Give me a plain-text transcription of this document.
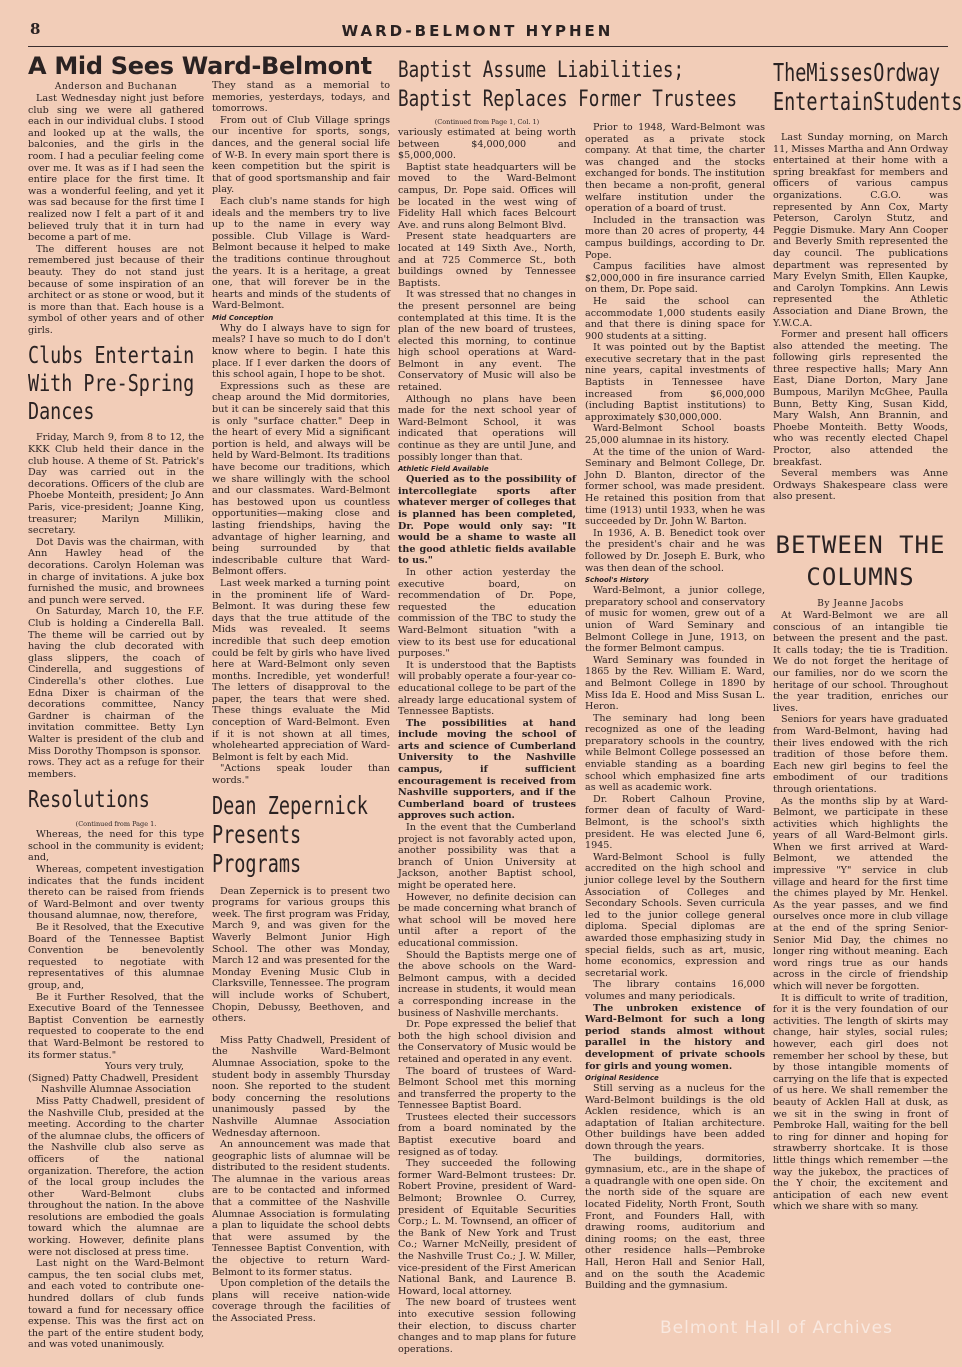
8	WARD-BELMONT HYPHEN
A Mid Sees Ward-Belmont	Baptist Assume Liabilities; Baptist Replaces Former Trustees
Anderson and Buchanan

Last Wednesday night just before club sing we were all gathered each in our individual clubs. I stood and looked up at the walls, the balconies, and the girls in the room. I had a peculiar feeling come over me. It was as if I had seen the entire place for the first time. It was a wonderful feeling, and yet it was sad because for the first time I realized now I felt a part of it and believed truly that it in turn had become a part of me.

The different houses are not remembered just because of their beauty. They do not stand just because of some inspiration of an architect or as stone or wood, but it is more than that. Each house is a symbol of other years and of other girls.

Clubs Entertain With Pre-Spring Dances

Friday, March 9, from 8 to 12, the KKK Club held their dance in the club house. A theme of St. Patrick's Day was carried out in the decorations. Officers of the club are Phoebe Monteith, president; Jo Ann Paris, vice-president; Joanne King, treasurer; Marilyn Millikin, secretary.

Dot Davis was the chairman, with Ann Hawley head of the decorations. Carolyn Holeman was in charge of invitations. A juke box furnished the music, and brownees and punch were served.

On Saturday, March 10, the F.F. Club is holding a Cinderella Ball. The theme will be carried out by having the club decorated with glass slippers, the coach of Cinderella, and suggestions of Cinderella's other clothes. Lue Edna Dixer is chairman of the decorations committee, Nancy Gardner is chairman of the invitation committee. Betty Lyn Walter is president of the club and Miss Dorothy Thompson is sponsor.

rows. They act as a refuge for their members.

Resolutions
(Continued from Page 1.

Whereas, the need for this type school in the community is evident; and,

Whereas, competent investigation indicates that the funds incident thereto can be raised from friends of Ward-Belmont and over twenty thousand alumnae, now, therefore,

Be it Resolved, that the Executive Board of the Tennessee Baptist Convention be benevolently requested to negotiate with representatives of this alumnae group, and,

Be it Further Resolved, that the Executive Board of the Tennessee Baptist Convention be earnestly requested to cooperate to the end that Ward-Belmont be restored to its former status."

Yours very truly,

(Signed) Patty Chadwell, President

Nashville Alumnae Association

Miss Patty Chadwell, president of the Nashville Club, presided at the meeting. According to the charter of the alumnae clubs, the officers of the Nashville club also serve as officers of the national organization. Therefore, the action of the local group includes the other Ward-Belmont clubs throughout the nation. In the above resolutions are embodied the goals toward which the alumnae are working. However, definite plans were not disclosed at press time.

Last night on the Ward-Belmont campus, the ten social clubs met, and each voted to contribute one-hundred dollars of club funds toward a fund for necessary office expense. This was the first act on the part of the entire student body, and was voted unanimously.

They stand as a memorial to memories, yesterdays, todays, and tomorrows.

From out of Club Village springs our incentive for sports, songs, dances, and the general social life of W-B. In every main sport there is keen competition but the spirit is that of good sportsmanship and fair play.

Each club's name stands for high ideals and the members try to live up to the name in every way possible. Club Village is Ward-Belmont because it helped to make the traditions continue throughout the years. It is a heritage, a great one, that will forever be in the hearts and minds of the students of Ward-Belmont.

Mid Conception

Why do I always have to sign for meals? I have so much to do I don't know where to begin. I hate this place. If I ever darken the doors of this school again, I hope to be shot.

Expressions such as these are cheap around the Mid dormitories, but it can be sincerely said that this is only "surface chatter." Deep in the heart of every Mid a significant portion is held, and always will be held by Ward-Belmont. Its traditions have become our traditions, which we share willingly with the school and our classmates. Ward-Belmont has bestowed upon us countless opportunities—making close and lasting friendships, having the advantage of higher learning, and being surrounded by that indescribable culture that Ward-Belmont offers.

Last week marked a turning point in the prominent life of Ward-Belmont. It was during these few days that the true attitude of the Mids was revealed. It seems incredible that such deep emotion could be felt by girls who have lived here at Ward-Belmont only seven months. Incredible, yet wonderful! The letters of disapproval to the paper, the tears that were shed. These things evaluate the Mid conception of Ward-Belmont. Even if it is not shown at all times, wholehearted appreciation of Ward-Belmont is felt by each Mid.

"Actions speak louder than words."

Dean Zepernick Presents Programs

Dean Zepernick is to present two programs for various groups this week. The first program was Friday, March 9, and was given for the Waverly Belmont Junior High School. The other was Monday, March 12 and was presented for the Monday Evening Music Club in Clarksville, Tennessee. The program will include works of Schubert, Chopin, Debussy, Beethoven, and others.

Miss Patty Chadwell, President of the Nashville Ward-Belmont Alumnae Association, spoke to the student body in assembly Thursday noon. She reported to the student body concerning the resolutions unanimously passed by the Nashville Alumnae Association Wednesday afternoon.

An announcement was made that geographic lists of alumnae will be distributed to the resident students. The alumnae in the various areas are to be contacted and informed that a committee of the Nashville Alumnae Association is formulating a plan to liquidate the school debts that were assumed by the Tennessee Baptist Convention, with the objective to return Ward-Belmont to its former status.

Upon completion of the details the plans will receive nation-wide coverage through the facilities of the Associated Press.

(Continued from Page 1, Col. 1)

variously estimated at being worth between $4,000,000 and $5,000,000.

Baptist state headquarters will be moved to the Ward-Belmont campus, Dr. Pope said. Offices will be located in the west wing of Fidelity Hall which faces Belcourt Ave. and runs along Belmont Blvd.

Present state headquarters are located at 149 Sixth Ave., North, and at 725 Commerce St., both buildings owned by Tennessee Baptists.

It was stressed that no changes in the present personnel are being contemplated at this time. It is the plan of the new board of trustees, elected this morning, to continue high school operations at Ward-Belmont in any event. The Conservatory of Music will also be retained.

Although no plans have been made for the next school year of Ward-Belmont School, it was indicated that operations will continue as they are until June, and possibly longer than that.

Athletic Field Available

Queried as to the possibility of intercollegiate sports after whatever merger of colleges that is planned has been completed, Dr. Pope would only say: "It would be a shame to waste all the good athletic fields available to us."

In other action yesterday the executive board, on recommendation of Dr. Pope, requested the education commission of the TBC to study the Ward-Belmont situation "with a view to its best use for educational purposes."

It is understood that the Baptists will probably operate a four-year co-educational college to be part of the already large educational system of Tennessee Baptists.

The possibilities at hand include moving the school of arts and science of Cumberland University to the Nashville campus, if sufficient encouragement is received from Nashville supporters, and if the Cumberland board of trustees approves such action.

In the event that the Cumberland project is not favorably acted upon, another possibility was that a branch of Union University at Jackson, another Baptist school, might be operated here.

However, no definite decision can be made concerning what branch of what school will be moved here until after a report of the educational commission.

Should the Baptists merge one of the above schools on the Ward-Belmont campus, with a decided increase in students, it would mean a corresponding increase in the business of Nashville merchants.

Dr. Pope expressed the belief that both the high school division and the Conservatory of Music would be retained and operated in any event.

The board of trustees of Ward-Belmont School met this morning and transferred the property to the Tennessee Baptist Board.

Trustees elected their successors from a board nominated by the Baptist executive board and resigned as of today.

They succeeded the following former Ward-Belmont trustees: Dr. Robert Provine, president of Ward-Belmont; Brownlee O. Currey, president of Equitable Securities Corp.; L. M. Townsend, an officer of the Bank of New York and Trust Co.; Warner McNeilly, president of the Nashville Trust Co.; J. W. Miller, vice-president of the First American National Bank, and Laurence B. Howard, local attorney.

The new board of trustees went into executive session following their election, to discuss charter changes and to map plans for future operations.

Prior to 1948, Ward-Belmont was operated as a private stock company. At that time, the charter was changed and the stocks exchanged for bonds. The institution then became a non-profit, general welfare institution under the operation of a board of trust.

Included in the transaction was more than 20 acres of property, 44 campus buildings, according to Dr. Pope.

Campus facilities have almost $2,000,000 in fire insurance carried on them, Dr. Pope said.

He said the school can accommodate 1,000 students easily and that there is dining space for 900 students at a sitting.

It was pointed out by the Baptist executive secretary that in the past nine years, capital investments of Baptists in Tennessee have increased from $6,000,000 (including Baptist institutions) to approximately $30,000,000.

Ward-Belmont School boasts 25,000 alumnae in its history.

At the time of the union of Ward-Seminary and Belmont College, Dr. John D. Blanton, director of the former school, was made president. He retained this position from that time (1913) until 1933, when he was succeeded by Dr. John W. Barton.

In 1936, A. B. Benedict took over the president's chair and he was followed by Dr. Joseph E. Burk, who was then dean of the school.

School's History

Ward-Belmont, a junior college, preparatory school and conservatory of music for women, grew out of a union of Ward Seminary and Belmont College in June, 1913, on the former Belmont campus.

Ward Seminary was founded in 1865 by the Rev. William E. Ward, and Belmont College in 1890 by Miss Ida E. Hood and Miss Susan L. Heron.

The seminary had long been recognized as one of the leading preparatory schools in the country, while Belmont College possessed an enviable standing as a boarding school which emphasized fine arts as well as academic work.

Dr. Robert Calhoun Provine, former dean of faculty of Ward-Belmont, is the school's sixth president. He was elected June 6, 1945.

Ward-Belmont School is fully accredited on the high school and junior college level by the Southern Association of Colleges and Secondary Schools. Seven curricula led to the junior college general diploma. Special diplomas are awarded those emphasizing study in special fields, such as art, music, home economics, expression and secretarial work.

The library contains 16,000 volumes and many periodicals.

The unbroken existence of Ward-Belmont for such a long period stands almost without parallel in the history and development of private schools for girls and young women.

Original Residence

Still serving as a nucleus for the Ward-Belmont buildings is the old Acklen residence, which is an adaptation of Italian architecture. Other buildings have been added down through the years.

The buildings, dormitories, gymnasium, etc., are in the shape of a quadrangle with one open side. On the north side of the square are located Fidelity, North Front, South Front, and Founders Hall, with drawing rooms, auditorium and dining rooms; on the east, three other residence halls—Pembroke Hall, Heron Hall and Senior Hall, and on the south the Academic Building and the gymnasium.

TheMissesOrdway EntertainStudents

Last Sunday morning, on March 11, Misses Martha and Ann Ordway entertained at their home with a spring breakfast for members and officers of various campus organizations. C.G.O. was represented by Ann Cox, Marty Peterson, Carolyn Stutz, and Peggie Dismuke. Mary Ann Cooper and Beverly Smith represented the day council. The publications department was represented by Mary Evelyn Smith, Ellen Kaupke, and Carolyn Tompkins. Ann Lewis represented the Athletic Association and Diane Brown, the Y.W.C.A.

Former and present hall officers also attended the meeting. The following girls represented the three respective halls; Mary Ann East, Diane Dorton, Mary Jane Bumpous, Marilyn McGhee, Paulla Bunn, Betty King, Susan Kidd, Mary Walsh, Ann Brannin, and Phoebe Monteith. Betty Woods, who was recently elected Chapel Proctor, also attended the breakfast.

Several members was Anne Ordways Shakespeare class were also present.

BETWEEN THE COLUMNS
By Jeanne Jacobs

At Ward-Belmont we are all conscious of an intangible tie between the present and the past. It calls today; the tie is Tradition. We do not forget the heritage of our families, nor do we scorn the heritage of our school. Throughout the year tradition, enriches our lives.

Seniors for years have graduated from Ward-Belmont, having had their lives endowed with the rich tradition of those before them. Each new girl begins to feel the embodiment of our traditions through orientations.

As the months slip by at Ward-Belmont, we participate in these activities which highlights the years of all Ward-Belmont girls. When we first arrived at Ward-Belmont, we attended the impressive "Y" service in club village and heard for the first time the chimes played by Mr. Henkel. As the year passes, and we find ourselves once more in club village at the end of the spring Senior-Senior Mid Day, the chimes no longer ring without meaning. Each word rings true as our hands across in the circle of friendship which will never be forgotten.

It is difficult to write of tradition, for it is the very foundation of our activities. The length of skirts may change, hair styles, social rules; however, each girl does not remember her school by these, but by those intangible moments of carrying on the life that is expected of us here. We shall remember the beauty of Acklen Hall at dusk, as we sit in the swing in front of Pembroke Hall, waiting for the bell to ring for dinner and hoping for strawberry shortcake. It is those little things which remember —the way the jukebox, the practices of the Y choir, the excitement and anticipation of each new event which we share with so many.

Belmont Hall of Archives
